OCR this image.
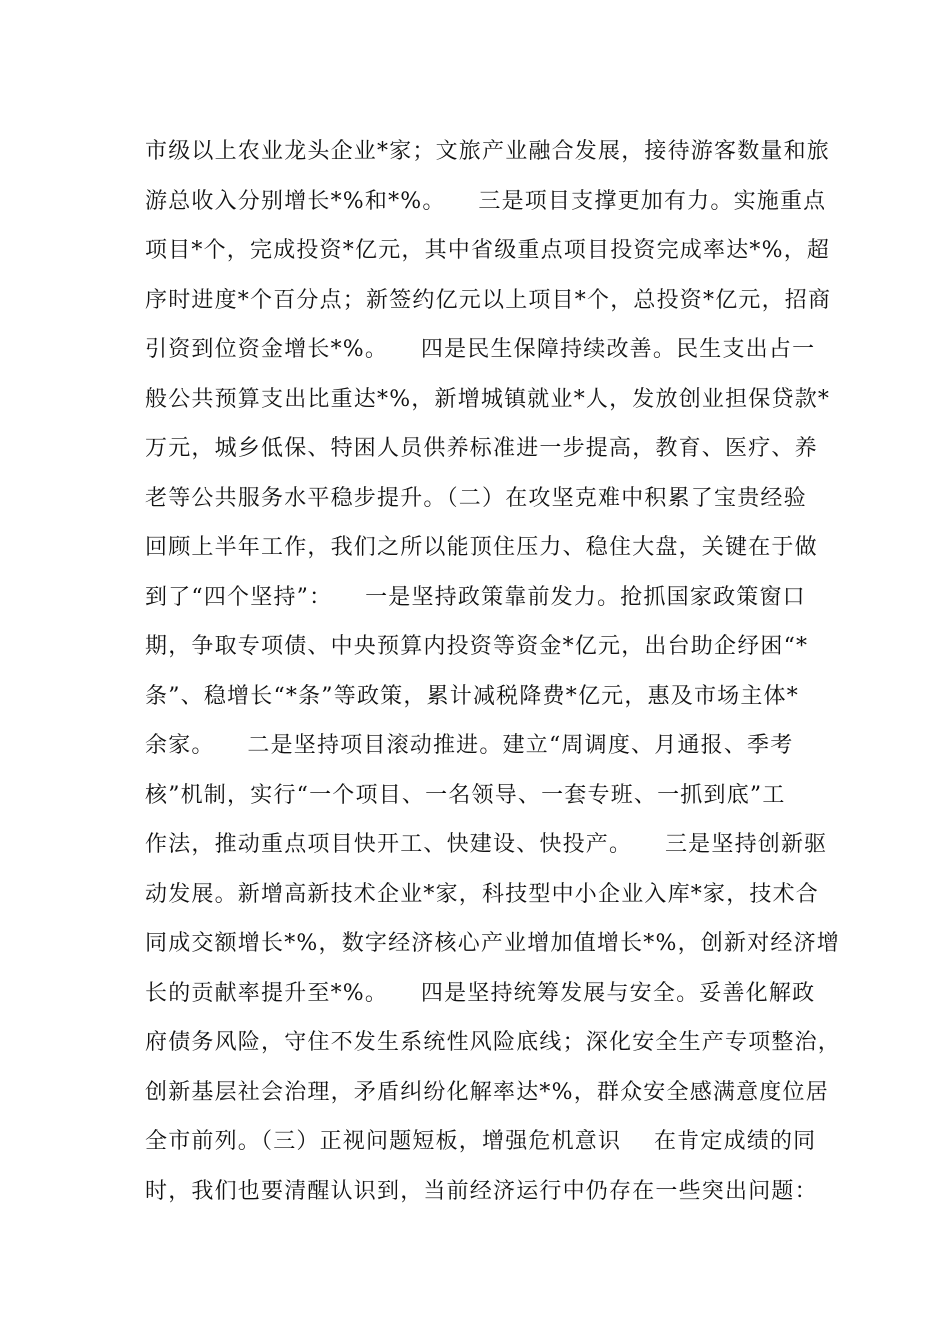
市级以上农业龙头企业*家；文旅产业融合发展，接待游客数量和旅
游总收入分别增长*%和*%。    三是项目支撑更加有力。实施重点
项目*个，完成投资*亿元，其中省级重点项目投资完成率达*%，超
序时进度*个百分点；新签约亿元以上项目*个，总投资*亿元，招商
引资到位资金增长*%。    四是民生保障持续改善。民生支出占一
般公共预算支出比重达*%，新增城镇就业*人，发放创业担保贷款*
万元，城乡低保、特困人员供养标准进一步提高，教育、医疗、养
老等公共服务水平稳步提升。（二）在攻坚克难中积累了宝贵经验
回顾上半年工作，我们之所以能顶住压力、稳住大盘，关键在于做
到了“四个坚持”：    一是坚持政策靠前发力。抢抓国家政策窗口
期，争取专项债、中央预算内投资等资金*亿元，出台助企纾困“*
条”、稳增长“*条”等政策，累计减税降费*亿元，惠及市场主体*
余家。    二是坚持项目滚动推进。建立“周调度、月通报、季考
核”机制，实行“一个项目、一名领导、一套专班、一抓到底”工
作法，推动重点项目快开工、快建设、快投产。    三是坚持创新驱
动发展。新增高新技术企业*家，科技型中小企业入库*家，技术合
同成交额增长*%，数字经济核心产业增加值增长*%，创新对经济增
长的贡献率提升至*%。    四是坚持统筹发展与安全。妥善化解政
府债务风险，守住不发生系统性风险底线；深化安全生产专项整治，
创新基层社会治理，矛盾纠纷化解率达*%，群众安全感满意度位居
全市前列。（三）正视问题短板，增强危机意识    在肯定成绩的同
时，我们也要清醒认识到，当前经济运行中仍存在一些突出问题：
